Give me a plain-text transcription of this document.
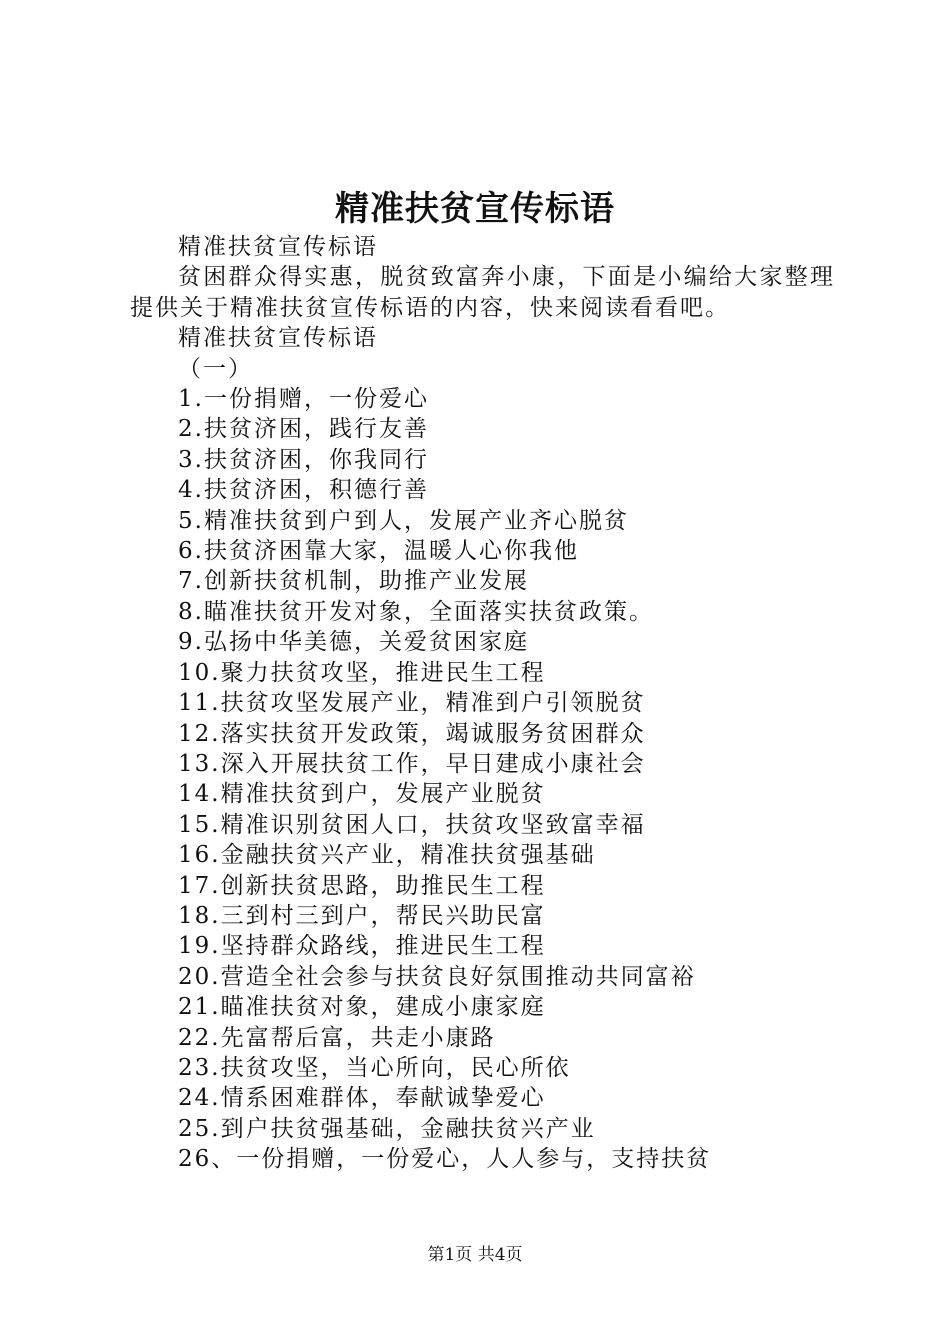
精准扶贫宣传标语
精准扶贫宣传标语
贫困群众得实惠，脱贫致富奔小康，下面是小编给大家整理提供关于精准扶贫宣传标语的内容，快来阅读看看吧。
精准扶贫宣传标语
（一）
1.一份捐赠，一份爱心
2.扶贫济困，践行友善
3.扶贫济困，你我同行
4.扶贫济困，积德行善
5.精准扶贫到户到人，发展产业齐心脱贫
6.扶贫济困靠大家，温暖人心你我他
7.创新扶贫机制，助推产业发展
8.瞄准扶贫开发对象，全面落实扶贫政策。
9.弘扬中华美德，关爱贫困家庭
10.聚力扶贫攻坚，推进民生工程
11.扶贫攻坚发展产业，精准到户引领脱贫
12.落实扶贫开发政策，竭诚服务贫困群众
13.深入开展扶贫工作，早日建成小康社会
14.精准扶贫到户，发展产业脱贫
15.精准识别贫困人口，扶贫攻坚致富幸福
16.金融扶贫兴产业，精准扶贫强基础
17.创新扶贫思路，助推民生工程
18.三到村三到户，帮民兴助民富
19.坚持群众路线，推进民生工程
20.营造全社会参与扶贫良好氛围推动共同富裕
21.瞄准扶贫对象，建成小康家庭
22.先富帮后富，共走小康路
23.扶贫攻坚，当心所向，民心所依
24.情系困难群体，奉献诚挚爱心
25.到户扶贫强基础，金融扶贫兴产业
26、一份捐赠，一份爱心，人人参与，支持扶贫
第1页 共4页
